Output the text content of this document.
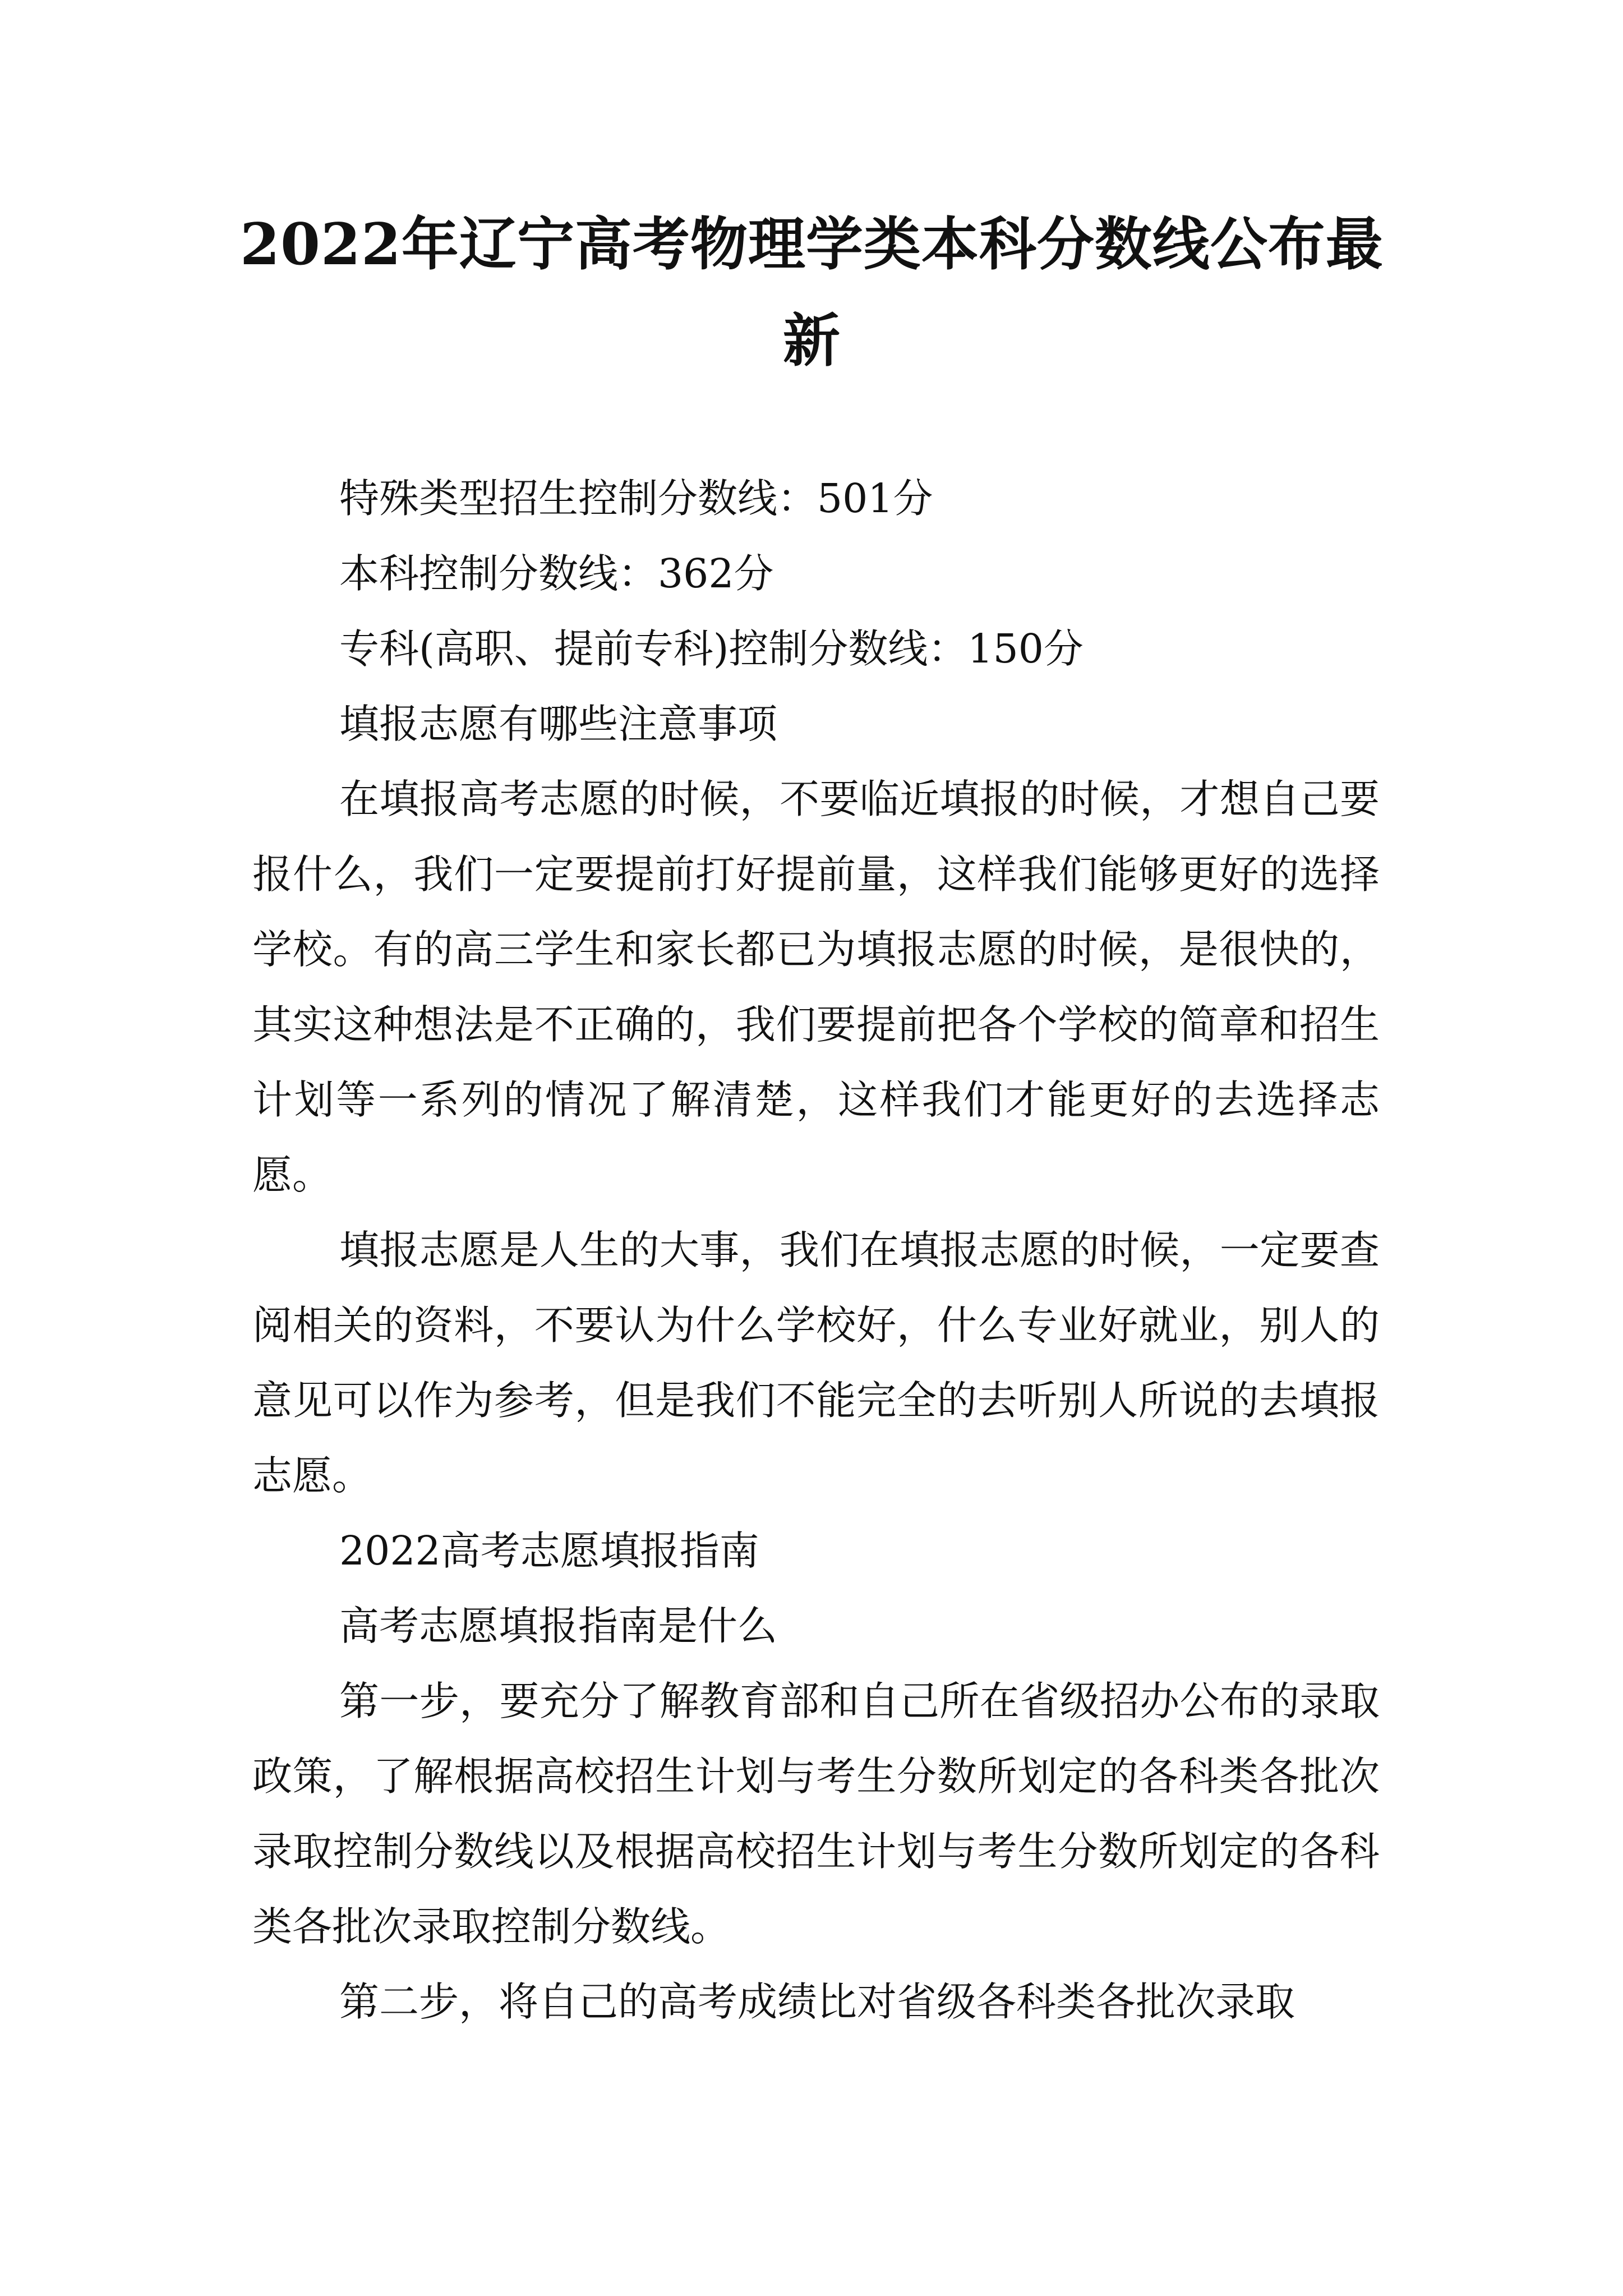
2022年辽宁高考物理学类本科分数线公布最新

特殊类型招生控制分数线：501分

本科控制分数线：362分

专科(高职、提前专科)控制分数线：150分

填报志愿有哪些注意事项

在填报高考志愿的时候，不要临近填报的时候，才想自己要报什么，我们一定要提前打好提前量，这样我们能够更好的选择学校。有的高三学生和家长都已为填报志愿的时候，是很快的，其实这种想法是不正确的，我们要提前把各个学校的简章和招生计划等一系列的情况了解清楚，这样我们才能更好的去选择志愿。

填报志愿是人生的大事，我们在填报志愿的时候，一定要查阅相关的资料，不要认为什么学校好，什么专业好就业，别人的意见可以作为参考，但是我们不能完全的去听别人所说的去填报志愿。

2022高考志愿填报指南

高考志愿填报指南是什么

第一步，要充分了解教育部和自己所在省级招办公布的录取政策，了解根据高校招生计划与考生分数所划定的各科类各批次录取控制分数线以及根据高校招生计划与考生分数所划定的各科类各批次录取控制分数线。

第二步，将自己的高考成绩比对省级各科类各批次录取
